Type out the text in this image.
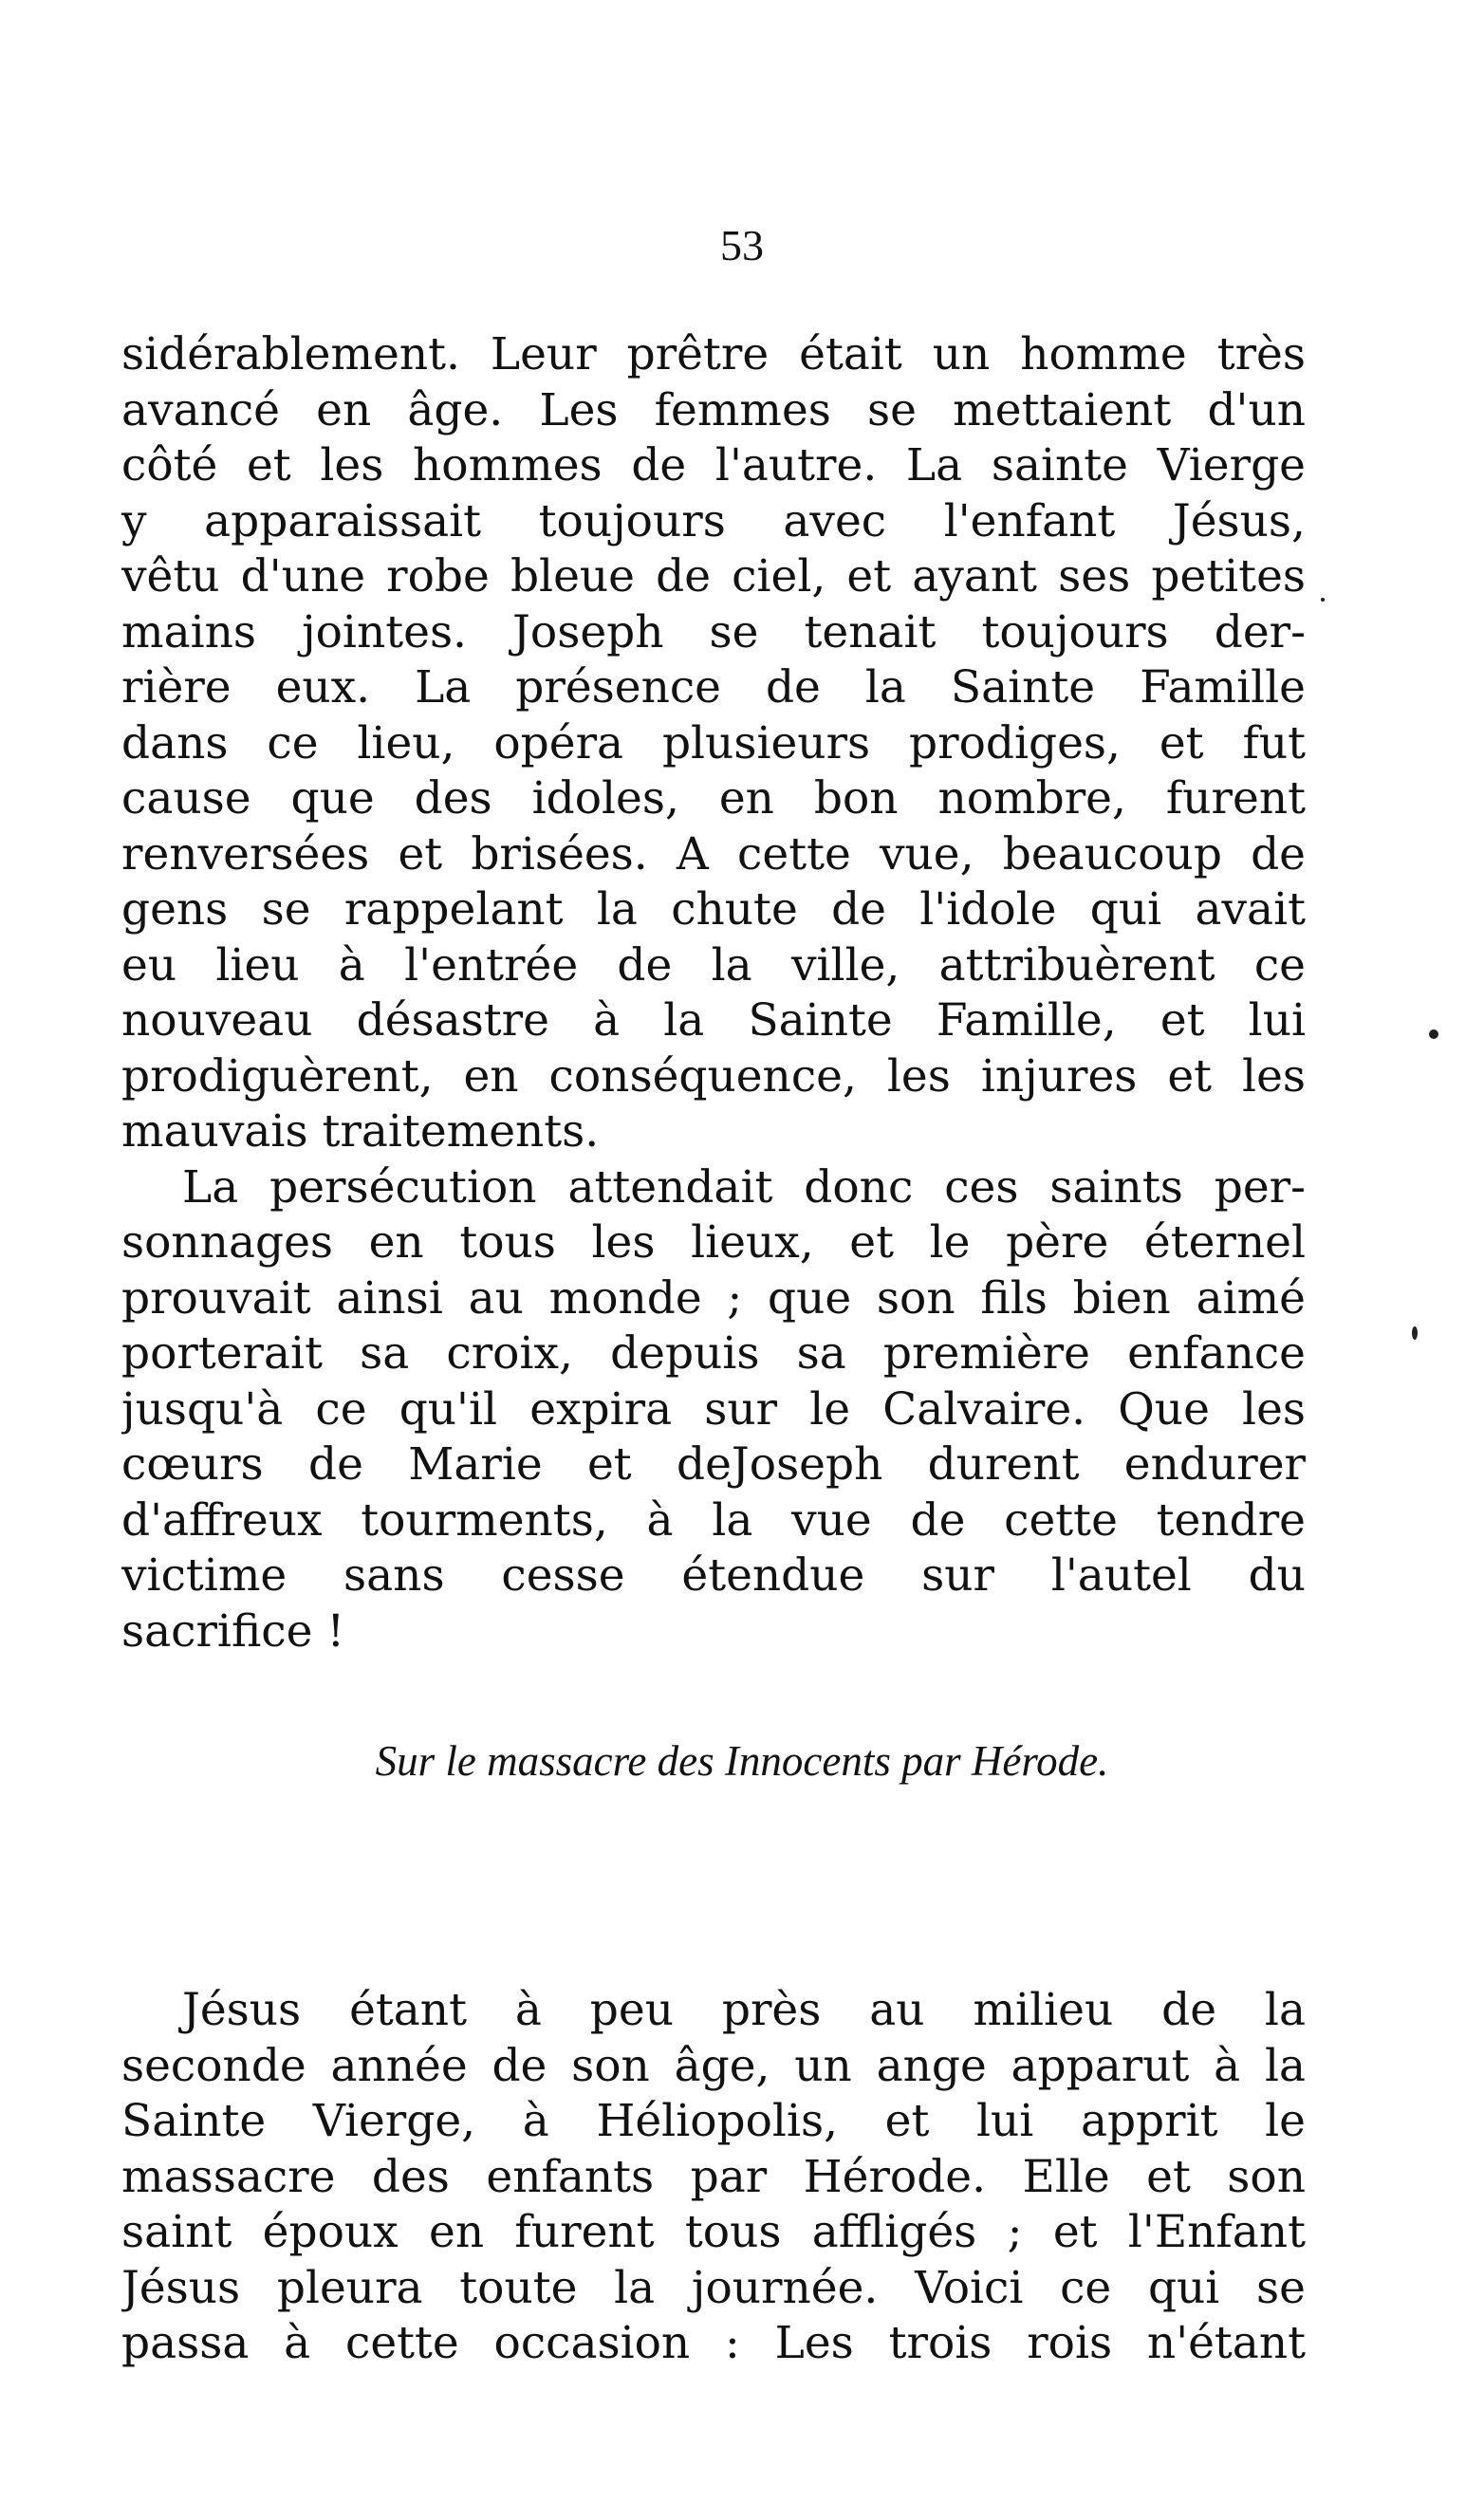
53
sidérablement. Leur prêtre était un homme très
avancé en âge. Les femmes se mettaient d'un
côté et les hommes de l'autre. La sainte Vierge
y apparaissait toujours avec l'enfant Jésus,
vêtu d'une robe bleue de ciel, et ayant ses petites
mains jointes. Joseph se tenait toujours der-
rière eux. La présence de la Sainte Famille
dans ce lieu, opéra plusieurs prodiges, et fut
cause que des idoles, en bon nombre, furent
renversées et brisées. A cette vue, beaucoup de
gens se rappelant la chute de l'idole qui avait
eu lieu à l'entrée de la ville, attribuèrent ce
nouveau désastre à la Sainte Famille, et lui
prodiguèrent, en conséquence, les injures et les
mauvais traitements.
La persécution attendait donc ces saints per-
sonnages en tous les lieux, et le père éternel
prouvait ainsi au monde ; que son fils bien aimé
porterait sa croix, depuis sa première enfance
jusqu'à ce qu'il expira sur le Calvaire. Que les
cœurs de Marie et deJoseph durent endurer
d'affreux tourments, à la vue de cette tendre
victime sans cesse étendue sur l'autel du
sacrifice !
Sur le massacre des Innocents par Hérode.
Jésus étant à peu près au milieu de la
seconde année de son âge, un ange apparut à la
Sainte Vierge, à Héliopolis, et lui apprit le
massacre des enfants par Hérode. Elle et son
saint époux en furent tous affligés ; et l'Enfant
Jésus pleura toute la journée. Voici ce qui se
passa à cette occasion : Les trois rois n'étant
